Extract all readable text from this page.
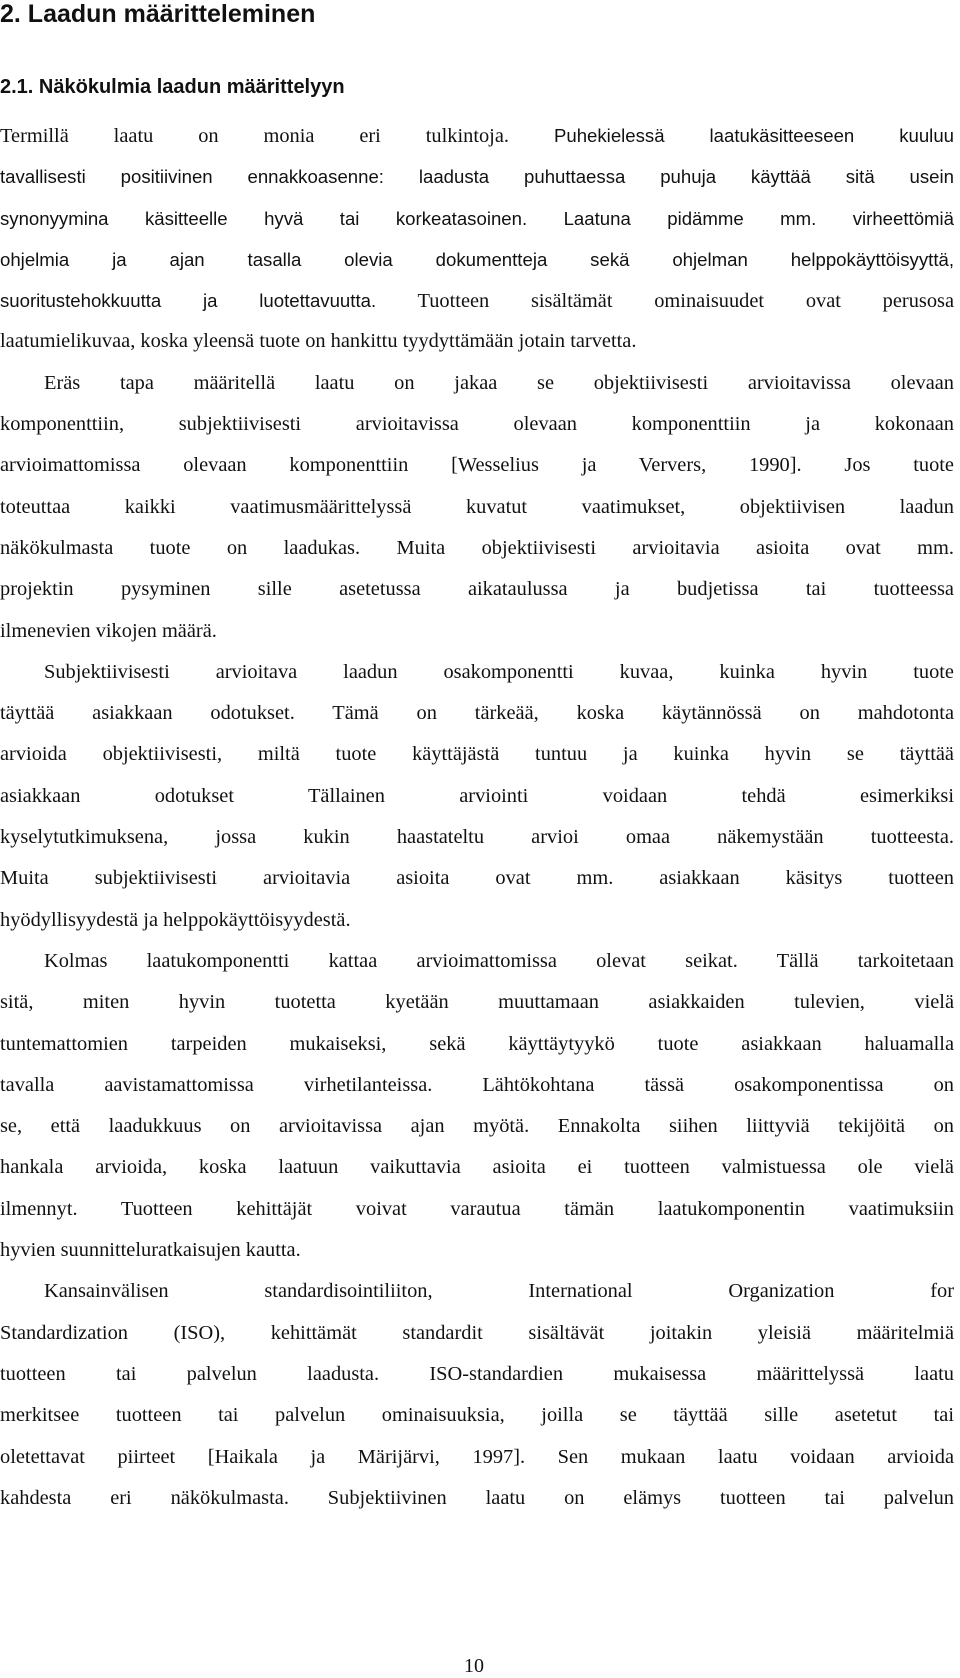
2. Laadun määritteleminen
2.1. Näkökulmia laadun määrittelyyn
Termillä laatu on monia eri tulkintoja. Puhekielessä laatukäsitteeseen kuuluu
tavallisesti positiivinen ennakkoasenne: laadusta puhuttaessa puhuja käyttää sitä usein
synonyymina käsitteelle hyvä tai korkeatasoinen. Laatuna pidämme mm. virheettömiä
ohjelmia ja ajan tasalla olevia dokumentteja sekä ohjelman helppokäyttöisyyttä,
suoritustehokkuutta ja luotettavuutta. Tuotteen sisältämät ominaisuudet ovat perusosa
laatumielikuvaa, koska yleensä tuote on hankittu tyydyttämään jotain tarvetta.
Eräs tapa määritellä laatu on jakaa se objektiivisesti arvioitavissa olevaan
komponenttiin, subjektiivisesti arvioitavissa olevaan komponenttiin ja kokonaan
arvioimattomissa olevaan komponenttiin [Wesselius ja Ververs, 1990]. Jos tuote
toteuttaa kaikki vaatimusmäärittelyssä kuvatut vaatimukset, objektiivisen laadun
näkökulmasta tuote on laadukas. Muita objektiivisesti arvioitavia asioita ovat mm.
projektin pysyminen sille asetetussa aikataulussa ja budjetissa tai tuotteessa
ilmenevien vikojen määrä.
Subjektiivisesti arvioitava laadun osakomponentti kuvaa, kuinka hyvin tuote
täyttää asiakkaan odotukset. Tämä on tärkeää, koska käytännössä on mahdotonta
arvioida objektiivisesti, miltä tuote käyttäjästä tuntuu ja kuinka hyvin se täyttää
asiakkaan odotukset Tällainen arviointi voidaan tehdä esimerkiksi
kyselytutkimuksena, jossa kukin haastateltu arvioi omaa näkemystään tuotteesta.
Muita subjektiivisesti arvioitavia asioita ovat mm. asiakkaan käsitys tuotteen
hyödyllisyydestä ja helppokäyttöisyydestä.
Kolmas laatukomponentti kattaa arvioimattomissa olevat seikat. Tällä tarkoitetaan
sitä, miten hyvin tuotetta kyetään muuttamaan asiakkaiden tulevien, vielä
tuntemattomien tarpeiden mukaiseksi, sekä käyttäytyykö tuote asiakkaan haluamalla
tavalla aavistamattomissa virhetilanteissa. Lähtökohtana tässä osakomponentissa on
se, että laadukkuus on arvioitavissa ajan myötä. Ennakolta siihen liittyviä tekijöitä on
hankala arvioida, koska laatuun vaikuttavia asioita ei tuotteen valmistuessa ole vielä
ilmennyt. Tuotteen kehittäjät voivat varautua tämän laatukomponentin vaatimuksiin
hyvien suunnitteluratkaisujen kautta.
Kansainvälisen standardisointiliiton, International Organization for
Standardization (ISO), kehittämät standardit sisältävät joitakin yleisiä määritelmiä
tuotteen tai palvelun laadusta. ISO-standardien mukaisessa määrittelyssä laatu
merkitsee tuotteen tai palvelun ominaisuuksia, joilla se täyttää sille asetetut tai
oletettavat piirteet [Haikala ja Märijärvi, 1997]. Sen mukaan laatu voidaan arvioida
kahdesta eri näkökulmasta. Subjektiivinen laatu on elämys tuotteen tai palvelun
10
